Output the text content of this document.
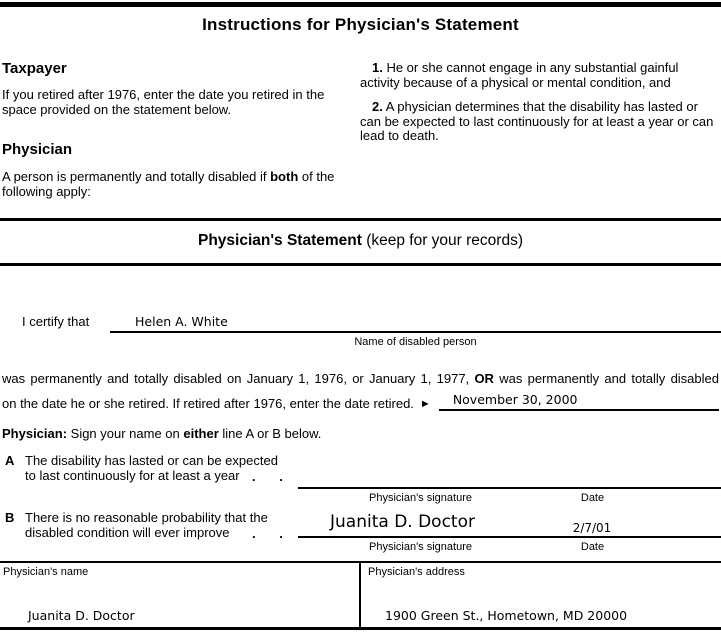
Instructions for Physician's Statement
Taxpayer
If you retired after 1976, enter the date you retired in the space provided on the statement below.
Physician
A person is permanently and totally disabled if both of the following apply:
1. He or she cannot engage in any substantial gainful activity because of a physical or mental condition, and
2. A physician determines that the disability has lasted or can be expected to last continuously for at least a year or can lead to death.
Physician's Statement (keep for your records)
I certify that	Helen A. White
Name of disabled person
was permanently and totally disabled on January 1, 1976, or January 1, 1977, OR was permanently and totally disabled
on the date he or she retired. If retired after 1976, enter the date retired. ►	November 30, 2000
Physician: Sign your name on either line A or B below.
A The disability has lasted or can be expected
to last continuously for at least a year . .
Physician's signature	Date
B There is no reasonable probability that the
disabled condition will ever improve	. .
Juanita D. Doctor	2/7/01
Physician's signature	Date
Physician's name
Juanita D. Doctor
Physician's address
1900 Green St., Hometown, MD 20000
